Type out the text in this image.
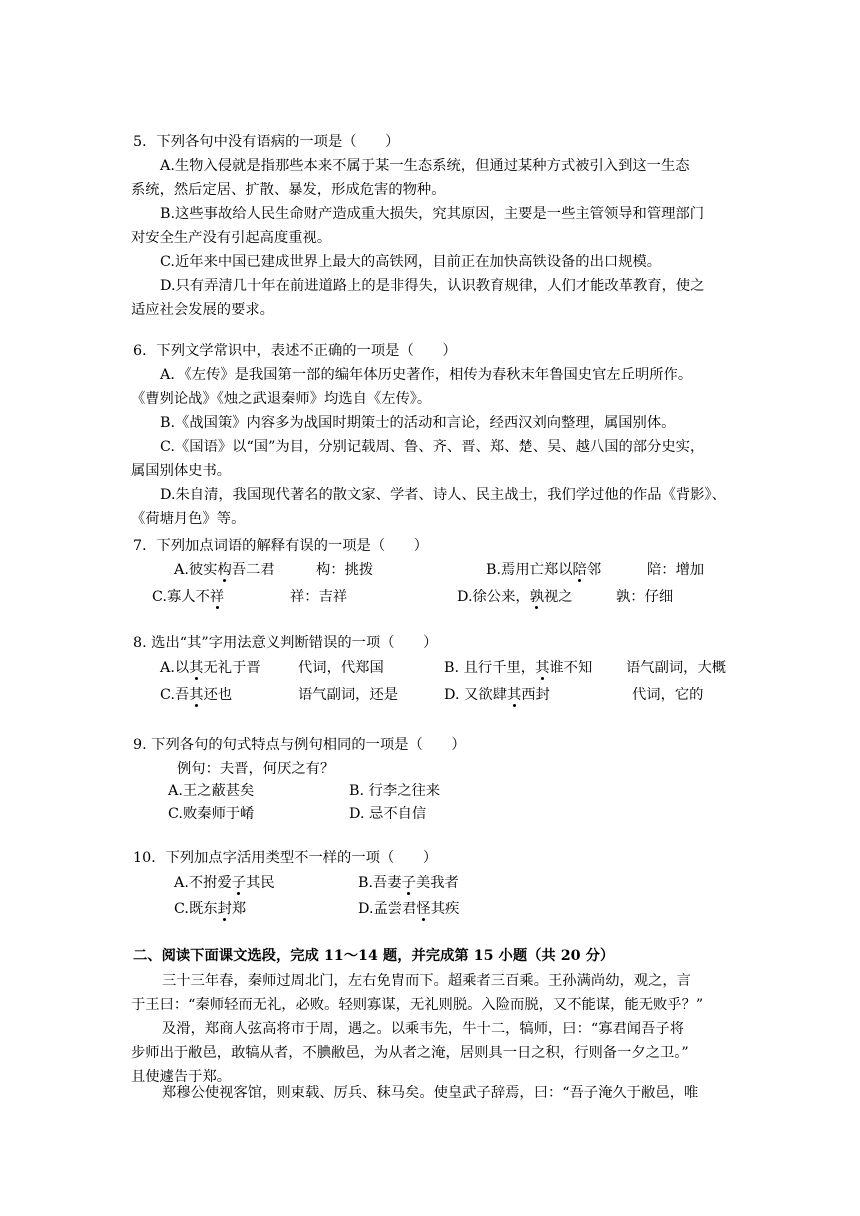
5．下列各句中没有语病的一项是（　　）
A.生物入侵就是指那些本来不属于某一生态系统，但通过某种方式被引入到这一生态
系统，然后定居、扩散、暴发，形成危害的物种。
B.这些事故给人民生命财产造成重大损失，究其原因，主要是一些主管领导和管理部门
对安全生产没有引起高度重视。
C.近年来中国已建成世界上最大的高铁网，目前正在加快高铁设备的出口规模。
D.只有弄清几十年在前进道路上的是非得失，认识教育规律，人们才能改革教育，使之
适应社会发展的要求。
6．下列文学常识中，表述不正确的一项是（　　）
A．《左传》是我国第一部的编年体历史著作，相传为春秋末年鲁国史官左丘明所作。
《曹刿论战》《烛之武退秦师》均选自《左传》。
B.《战国策》内容多为战国时期策士的活动和言论，经西汉刘向整理，属国别体。
C.《国语》以“国”为目，分别记载周、鲁、齐、晋、郑、楚、吴、越八国的部分史实，
属国别体史书。
D.朱自清，我国现代著名的散文家、学者、诗人、民主战士，我们学过他的作品《背影》、
《荷塘月色》等。
7．下列加点词语的解释有误的一项是（　　）
A.彼实构吾二君	构：挑拨	B.焉用亡郑以陪邻	陪：增加
C.寡人不祥	祥：吉祥	D.徐公来，孰视之	孰：仔细
8. 选出“其”字用法意义判断错误的一项（　　）
A.以其无礼于晋	代词，代郑国	B. 且行千里，其谁不知 语气副词，大概
C.吾其还也	语气副词，还是	D. 又欲肆其西封	代词，它的
9. 下列各句的句式特点与例句相同的一项是（　　）
例句：夫晋，何厌之有？
A.王之蔽甚矣	B. 行李之往来
C.败秦师于崤	D. 忌不自信
10．下列加点字活用类型不一样的一项（　　）
A.不拊爱子其民	B.吾妻子美我者
C.既东封郑	D.孟尝君怪其疾
二、阅读下面课文选段，完成 11～14 题，并完成第 15 小题（共 20 分）
三十三年春，秦师过周北门，左右免胄而下。超乘者三百乘。王孙满尚幼，观之，言
于王曰：“秦师轻而无礼，必败。轻则寡谋，无礼则脱。入险而脱，又不能谋，能无败乎？”
及滑，郑商人弦高将市于周，遇之。以乘韦先，牛十二，犒师，曰：“寡君闻吾子将
步师出于敝邑，敢犒从者，不腆敝邑，为从者之淹，居则具一日之积，行则备一夕之卫。”
且使遽告于郑。
郑穆公使视客馆，则束载、厉兵、秣马矣。使皇武子辞焉，曰：“吾子淹久于敝邑，唯
